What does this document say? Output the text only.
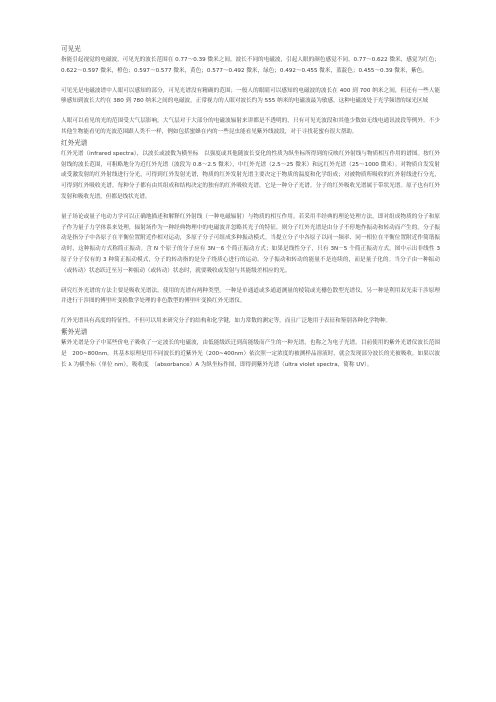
可见光

指能引起视觉的电磁波。可见光的波长范围在 0.77～0.39 微米之间。波长不同的电磁波，引起人眼的颜色感觉不同。0.77～0.622 微米，感觉为红色；0.622～0.597 微米，橙色；0.597～0.577 微米，黄色；0.577～0.492 微米，绿色；0.492～0.455 微米，蓝靛色；0.455～0.39 微米，紫色。

可见光是电磁波谱中人眼可以感知的部分，可见光谱没有精确的范围；一般人的眼睛可以感知的电磁波的波长在 400 到 700 纳米之间，但还有一些人能够感知到波长大约在 380 到 780 纳米之间的电磁波。正常视力的人眼对波长约为 555 纳米的电磁波最为敏感，这种电磁波处于光学频谱的绿光区域

人眼可以看见的光的范围受大气层影响。大气层对于大部分的电磁波辐射来讲都是不透明的，只有可见光波段和其他少数如无线电通讯波段等例外。不少其他生物能看见的光波范围跟人类不一样，例如包括蜜蜂在内的一些昆虫能看见紫外线波段，对于寻找花蜜有很大帮助。

红外光谱

红外光谱（infrared spectra），以波长或波数为横坐标　以强度或其他随波长变化的性质为纵坐标所得到的反映红外射线与物质相互作用的谱图。按红外射线的波长范围，可粗略地分为近红外光谱（波段为 0.8～2.5 微米），中红外光谱（2.5～25 微米）和远红外光谱（25～1000 微米）。对物质自发发射或受激发射的红外射线进行分光，可得到红外发射光谱，物质的红外发射光谱主要决定于物质的温度和化学组成；对被物质所吸收的红外射线进行分光，可得到红外吸收光谱。每种分子都有由其组成和结构决定的独有的红外吸收光谱，它是一种分子光谱。分子的红外吸收光谱属于带状光谱。原子也有红外发射和吸收光谱，但都是线状光谱。

量子场论或量子电动力学可以正确地描述和解释红外射线（一种电磁辐射）与物质的相互作用。若采用半经典的理论处理方法，即对组成物质的分子和原子作为量子力学体系来处理，辐射场作为一种经典物理中的电磁波并忽略其光子的特征，则分子红外光谱是由分子不停地作振动和转动而产生的。分子振动是指分子中各原子在平衡位置附近作相对运动，多原子分子可组成多种振动模式。当提立分子中各原子以同一频率、同一相位在平衡位置附近作简谐振动时，这种振动方式称简正振动。含 N 个原子的分子应有 3N－6 个简正振动方式；如果是线性分子，只有 3N－5 个简正振动方式。图中示出非线性 3 原子分子仅有的 3 种简正振动模式，分子的转动指的是分子绕质心进行的运动。分子振动和转动的能量不是连续的，而是量子化的。当分子由一种振动（或转动）状态跃迁至另一种振动（或转动）状态时，就要吸收或发射与其能级差相应的光。

研究红外光谱的方法主要是吸收光谱法。使用的光谱有两种类型。一种是单通道或多通道测量的棱镜或光栅色散型光谱仪，另一种是利用双光束干涉原理并进行干涉图的傅里叶变换数学处理的非色散型的傅里叶变换红外光谱仪。

红外光谱具有高度的特征性，不但可以用来研究分子的结构和化学键，如力常数的测定等，而且广泛地用于表征和鉴别各种化学物种。

紫外光谱

紫外光谱是分子中某些价电子吸收了一定波长的电磁波，由低能级跃迁到高能级而产生的一种光谱，也称之为电子光谱。目前使用的紫外光谱仪波长范围是　200~800nm。其基本原理是用不同波长的近紫外光（200~400nm）依次照一定浓度的被测样品溶液时，就会发现部分波长的光被吸收。如果以波长 λ 为横坐标（单位 nm），吸收度　（absorbance）A 为纵坐标作图，即得到紫外光谱（ultra violet spectra，简称 UV）。
